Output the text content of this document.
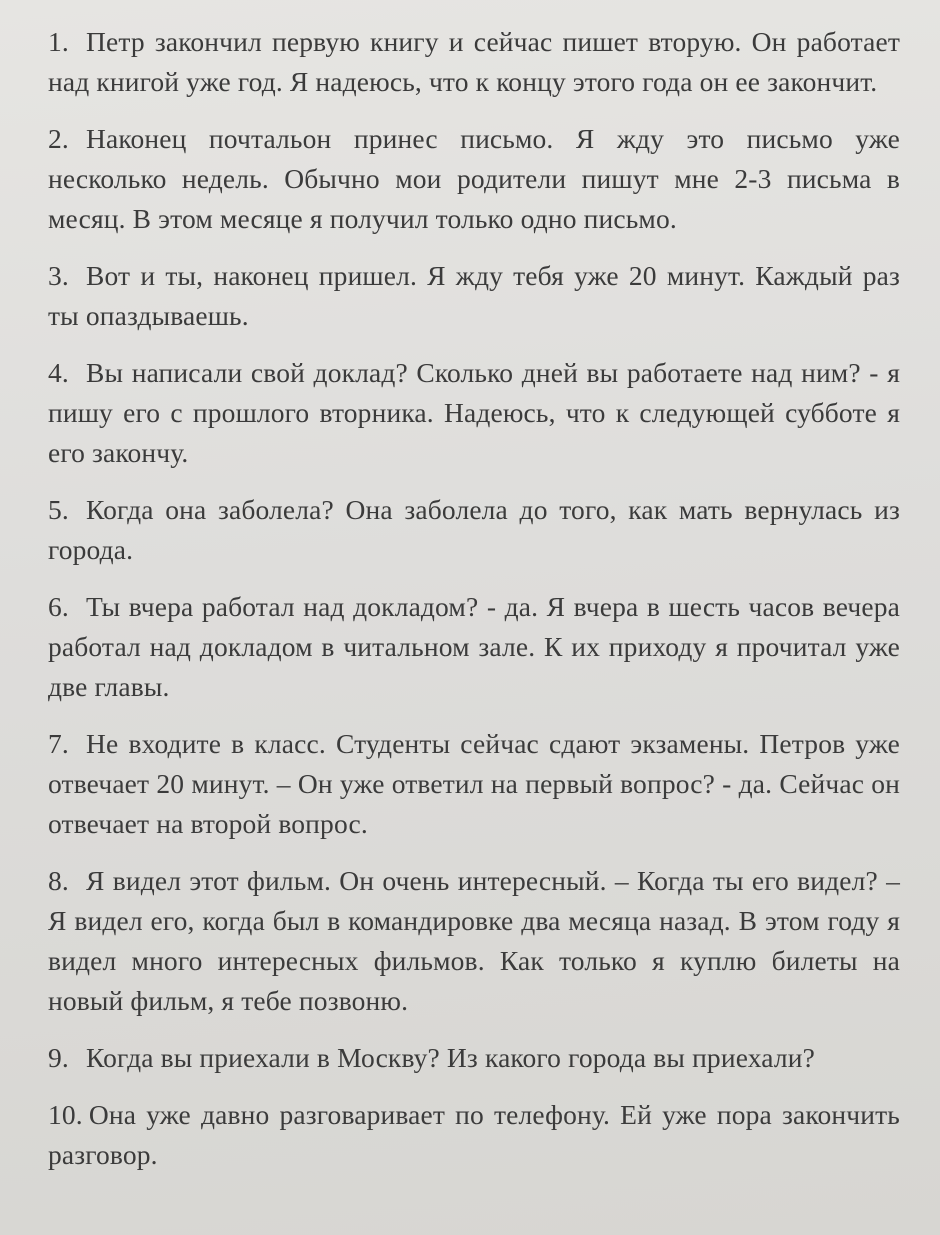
1. Петр закончил первую книгу и сейчас пишет вторую. Он работает над книгой уже год. Я надеюсь, что к концу этого года он ее закончит.
2. Наконец почтальон принес письмо. Я жду это письмо уже несколько недель. Обычно мои родители пишут мне 2-3 письма в месяц. В этом месяце я получил только одно письмо.
3. Вот и ты, наконец пришел. Я жду тебя уже 20 минут. Каждый раз ты опаздываешь.
4. Вы написали свой доклад? Сколько дней вы работаете над ним? - я пишу его с прошлого вторника. Надеюсь, что к следующей субботе я его закончу.
5. Когда она заболела? Она заболела до того, как мать вернулась из города.
6. Ты вчера работал над докладом? - да. Я вчера в шесть часов вечера работал над докладом в читальном зале. К их приходу я прочитал уже две главы.
7. Не входите в класс. Студенты сейчас сдают экзамены. Петров уже отвечает 20 минут. – Он уже ответил на первый вопрос? - да. Сейчас он отвечает на второй вопрос.
8. Я видел этот фильм. Он очень интересный. – Когда ты его видел? – Я видел его, когда был в командировке два месяца назад. В этом году я видел много интересных фильмов. Как только я куплю билеты на новый фильм, я тебе позвоню.
9. Когда вы приехали в Москву? Из какого города вы приехали?
10. Она уже давно разговаривает по телефону. Ей уже пора закончить разговор.
